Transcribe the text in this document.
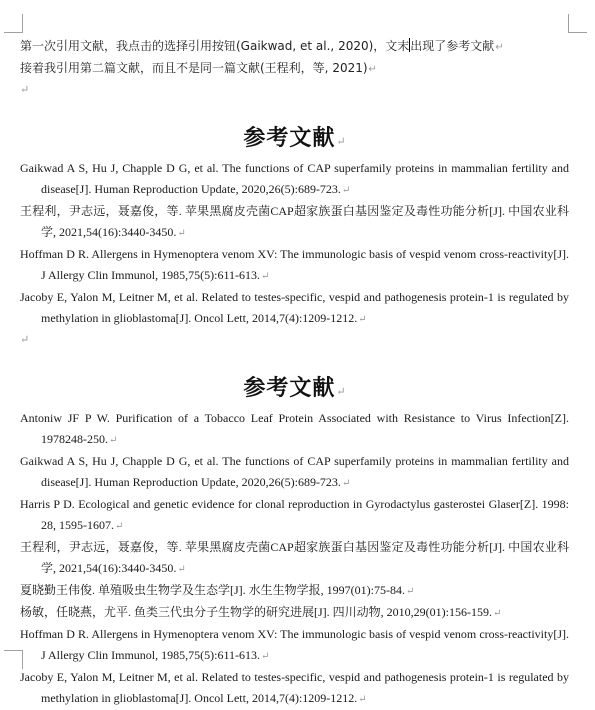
第一次引用文献，我点击的选择引用按钮(Gaikwad, et al., 2020)，文末出现了参考文献↵
接着我引用第二篇文献，而且不是同一篇文献(王程利，等, 2021)↵
↵
参考文献↵
Gaikwad A S, Hu J, Chapple D G, et al. The functions of CAP superfamily proteins in mammalian fertility and disease[J]. Human Reproduction Update, 2020,26(5):689-723.↵
王程利，尹志远，聂嘉俊，等. 苹果黑腐皮壳菌CAP超家族蛋白基因鉴定及毒性功能分析[J]. 中国农业科学, 2021,54(16):3440-3450.↵
Hoffman D R. Allergens in Hymenoptera venom XV: The immunologic basis of vespid venom cross-reactivity[J]. J Allergy Clin Immunol, 1985,75(5):611-613.↵
Jacoby E, Yalon M, Leitner M, et al. Related to testes-specific, vespid and pathogenesis protein-1 is regulated by methylation in glioblastoma[J]. Oncol Lett, 2014,7(4):1209-1212.↵
↵
参考文献↵
Antoniw JF P W. Purification of a Tobacco Leaf Protein Associated with Resistance to Virus Infection[Z]. 1978248-250.↵
Gaikwad A S, Hu J, Chapple D G, et al. The functions of CAP superfamily proteins in mammalian fertility and disease[J]. Human Reproduction Update, 2020,26(5):689-723.↵
Harris P D. Ecological and genetic evidence for clonal reproduction in Gyrodactylus gasterostei Glaser[Z]. 1998: 28, 1595-1607.↵
王程利，尹志远，聂嘉俊，等. 苹果黑腐皮壳菌CAP超家族蛋白基因鉴定及毒性功能分析[J]. 中国农业科学, 2021,54(16):3440-3450.↵
夏晓勤王伟俊. 单殖吸虫生物学及生态学[J]. 水生生物学报, 1997(01):75-84.↵
杨敏，任晓燕，尤平. 鱼类三代虫分子生物学的研究进展[J]. 四川动物, 2010,29(01):156-159.↵
Hoffman D R. Allergens in Hymenoptera venom XV: The immunologic basis of vespid venom cross-reactivity[J]. J Allergy Clin Immunol, 1985,75(5):611-613.↵
Jacoby E, Yalon M, Leitner M, et al. Related to testes-specific, vespid and pathogenesis protein-1 is regulated by methylation in glioblastoma[J]. Oncol Lett, 2014,7(4):1209-1212.↵
